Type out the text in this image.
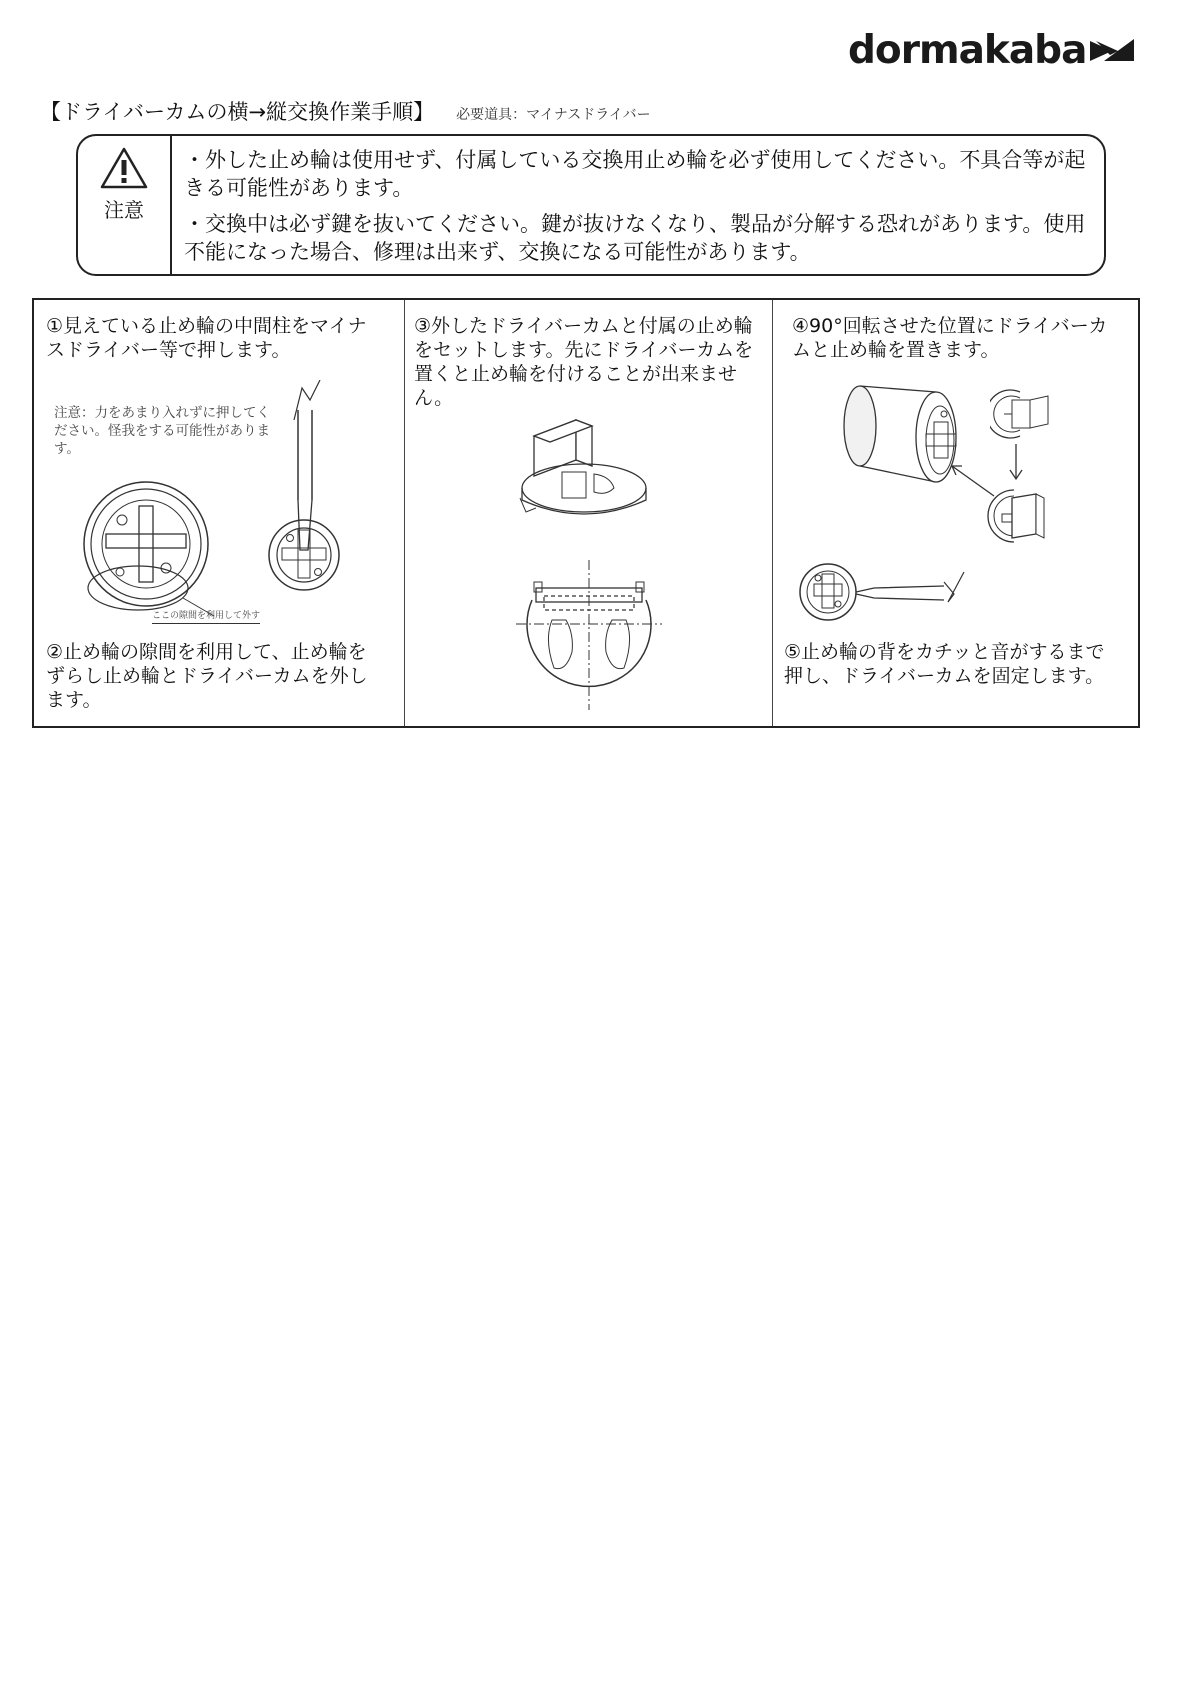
dormakaba
【ドライバーカムの横→縦交換作業手順】 必要道具：マイナスドライバー
注意

・外した止め輪は使用せず、付属している交換用止め輪を必ず使用してください。不具合等が起きる可能性があります。

・交換中は必ず鍵を抜いてください。鍵が抜けなくなり、製品が分解する恐れがあります。使用不能になった場合、修理は出来ず、交換になる可能性があります。

①見えている止め輪の中間柱をマイナスドライバー等で押します。
注意：力をあまり入れずに押してください。怪我をする可能性があります。
ここの隙間を利用して外す
②止め輪の隙間を利用して、止め輪をずらし止め輪とドライバーカムを外します。
③外したドライバーカムと付属の止め輪をセットします。先にドライバーカムを置くと止め輪を付けることが出来ません。
④90°回転させた位置にドライバーカムと止め輪を置きます。
⑤止め輪の背をカチッと音がするまで押し、ドライバーカムを固定します。
